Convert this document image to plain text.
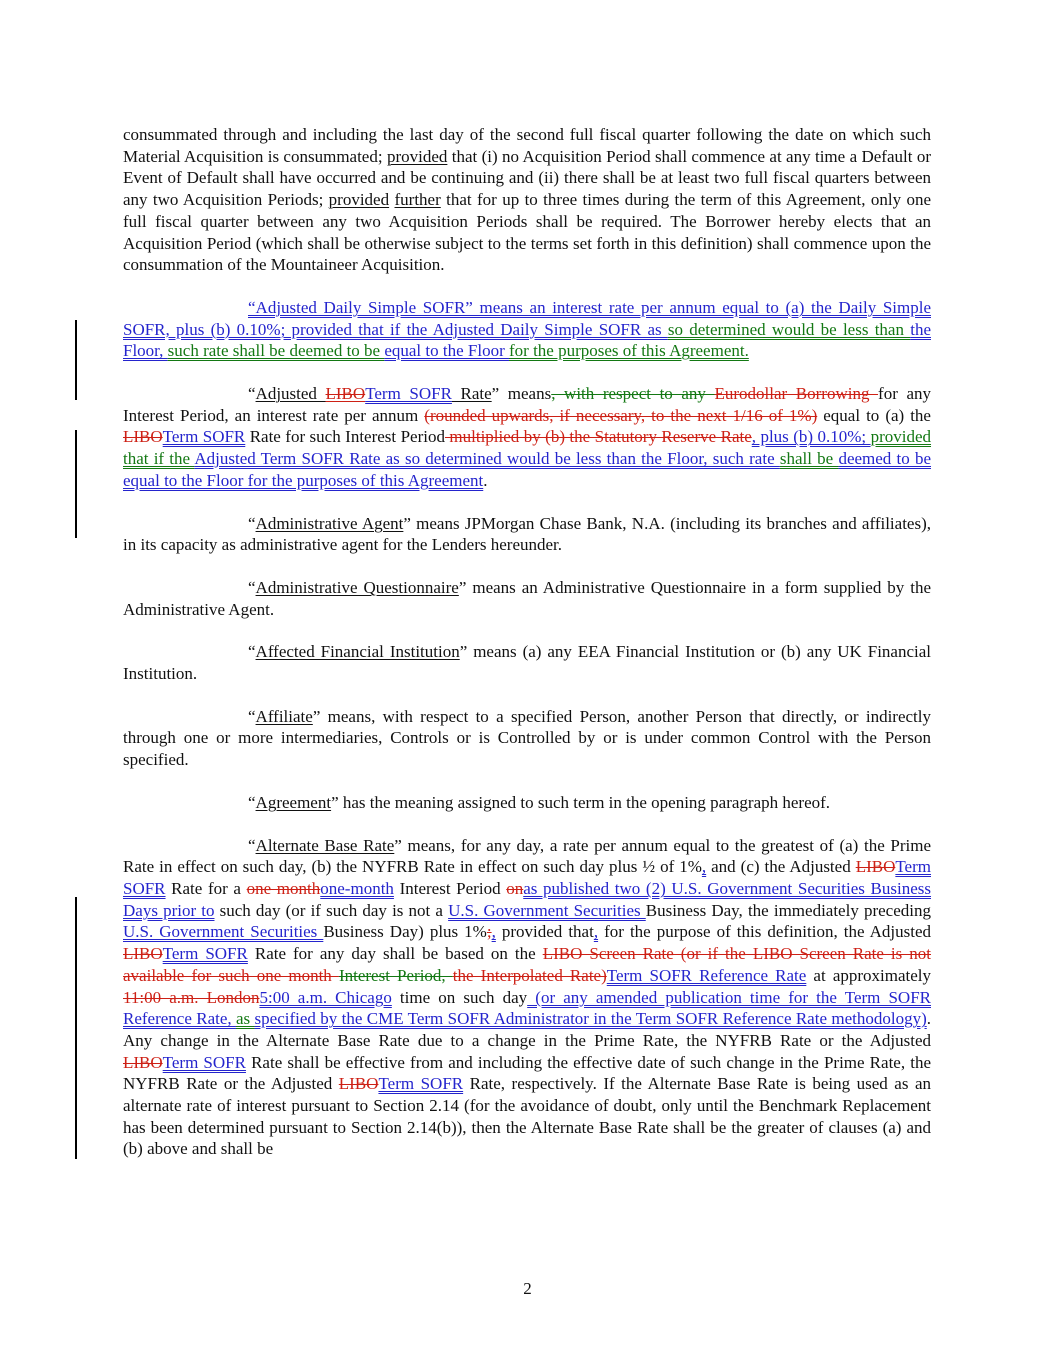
consummated through and including the last day of the second full fiscal quarter following the date on which such Material Acquisition is consummated; provided that (i) no Acquisition Period shall commence at any time a Default or Event of Default shall have occurred and be continuing and (ii) there shall be at least two full fiscal quarters between any two Acquisition Periods; provided further that for up to three times during the term of this Agreement, only one full fiscal quarter between any two Acquisition Periods shall be required. The Borrower hereby elects that an Acquisition Period (which shall be otherwise subject to the terms set forth in this definition) shall commence upon the consummation of the Mountaineer Acquisition.

“Adjusted Daily Simple SOFR” means an interest rate per annum equal to (a) the Daily Simple SOFR, plus (b) 0.10%; provided that if the Adjusted Daily Simple SOFR as so determined would be less than the Floor, such rate shall be deemed to be equal to the Floor for the purposes of this Agreement.

“Adjusted LIBOTerm SOFR Rate” means, with respect to any Eurodollar Borrowing for any Interest Period, an interest rate per annum (rounded upwards, if necessary, to the next 1/16 of 1%) equal to (a) the LIBOTerm SOFR Rate for such Interest Period multiplied by (b) the Statutory Reserve Rate, plus (b) 0.10%; provided that if the Adjusted Term SOFR Rate as so determined would be less than the Floor, such rate shall be deemed to be equal to the Floor for the purposes of this Agreement.

“Administrative Agent” means JPMorgan Chase Bank, N.A. (including its branches and affiliates), in its capacity as administrative agent for the Lenders hereunder.

“Administrative Questionnaire” means an Administrative Questionnaire in a form supplied by the Administrative Agent.

“Affected Financial Institution” means (a) any EEA Financial Institution or (b) any UK Financial Institution.

“Affiliate” means, with respect to a specified Person, another Person that directly, or indirectly through one or more intermediaries, Controls or is Controlled by or is under common Control with the Person specified.

“Agreement” has the meaning assigned to such term in the opening paragraph hereof.

“Alternate Base Rate” means, for any day, a rate per annum equal to the greatest of (a) the Prime Rate in effect on such day, (b) the NYFRB Rate in effect on such day plus ½ of 1%, and (c) the Adjusted LIBOTerm SOFR Rate for a one monthone-month Interest Period onas published two (2) U.S. Government Securities Business Days prior to such day (or if such day is not a U.S. Government Securities Business Day, the immediately preceding U.S. Government Securities Business Day) plus 1%;, provided that, for the purpose of this definition, the Adjusted LIBOTerm SOFR Rate for any day shall be based on the LIBO Screen Rate (or if the LIBO Screen Rate is not available for such one month Interest Period, the Interpolated Rate)Term SOFR Reference Rate at approximately 11:00 a.m. London5:00 a.m. Chicago time on such day (or any amended publication time for the Term SOFR Reference Rate, as specified by the CME Term SOFR Administrator in the Term SOFR Reference Rate methodology). Any change in the Alternate Base Rate due to a change in the Prime Rate, the NYFRB Rate or the Adjusted LIBOTerm SOFR Rate shall be effective from and including the effective date of such change in the Prime Rate, the NYFRB Rate or the Adjusted LIBOTerm SOFR Rate, respectively. If the Alternate Base Rate is being used as an alternate rate of interest pursuant to Section 2.14 (for the avoidance of doubt, only until the Benchmark Replacement has been determined pursuant to Section 2.14(b)), then the Alternate Base Rate shall be the greater of clauses (a) and (b) above and shall be

2
